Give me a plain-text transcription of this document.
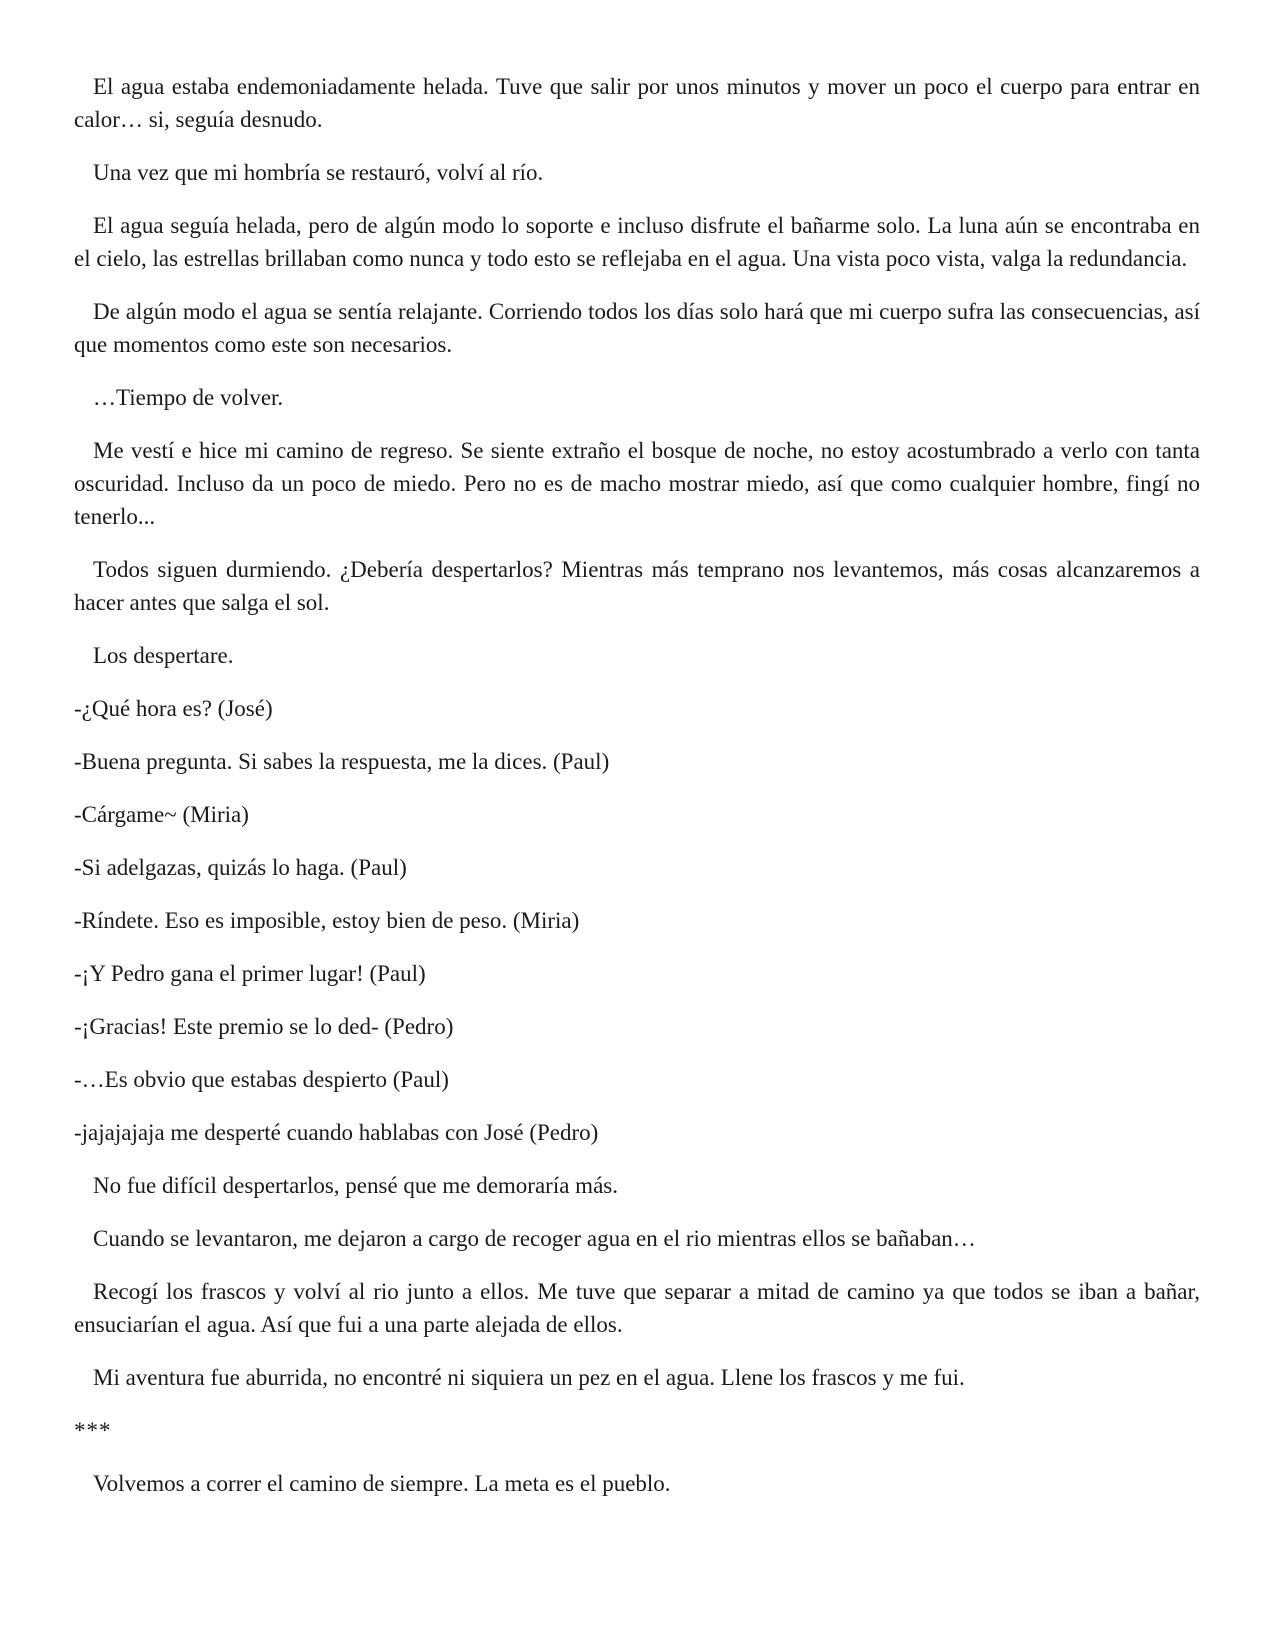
El agua estaba endemoniadamente helada. Tuve que salir por unos minutos y mover un poco el cuerpo para entrar en calor… si, seguía desnudo.

Una vez que mi hombría se restauró, volví al río.

El agua seguía helada, pero de algún modo lo soporte e incluso disfrute el bañarme solo. La luna aún se encontraba en el cielo, las estrellas brillaban como nunca y todo esto se reflejaba en el agua. Una vista poco vista, valga la redundancia.

De algún modo el agua se sentía relajante. Corriendo todos los días solo hará que mi cuerpo sufra las consecuencias, así que momentos como este son necesarios.

…Tiempo de volver.

Me vestí e hice mi camino de regreso. Se siente extraño el bosque de noche, no estoy acostumbrado a verlo con tanta oscuridad. Incluso da un poco de miedo. Pero no es de macho mostrar miedo, así que como cualquier hombre, fingí no tenerlo...

Todos siguen durmiendo. ¿Debería despertarlos? Mientras más temprano nos levantemos, más cosas alcanzaremos a hacer antes que salga el sol.

Los despertare.

-¿Qué hora es? (José)

-Buena pregunta. Si sabes la respuesta, me la dices. (Paul)

-Cárgame~ (Miria)

-Si adelgazas, quizás lo haga. (Paul)

-Ríndete. Eso es imposible, estoy bien de peso. (Miria)

-¡Y Pedro gana el primer lugar! (Paul)

-¡Gracias! Este premio se lo ded- (Pedro)

-…Es obvio que estabas despierto (Paul)

-jajajajaja me desperté cuando hablabas con José (Pedro)

No fue difícil despertarlos, pensé que me demoraría más.

Cuando se levantaron, me dejaron a cargo de recoger agua en el rio mientras ellos se bañaban…

Recogí los frascos y volví al rio junto a ellos. Me tuve que separar a mitad de camino ya que todos se iban a bañar, ensuciarían el agua. Así que fui a una parte alejada de ellos.

Mi aventura fue aburrida, no encontré ni siquiera un pez en el agua. Llene los frascos y me fui.

***

Volvemos a correr el camino de siempre. La meta es el pueblo.
